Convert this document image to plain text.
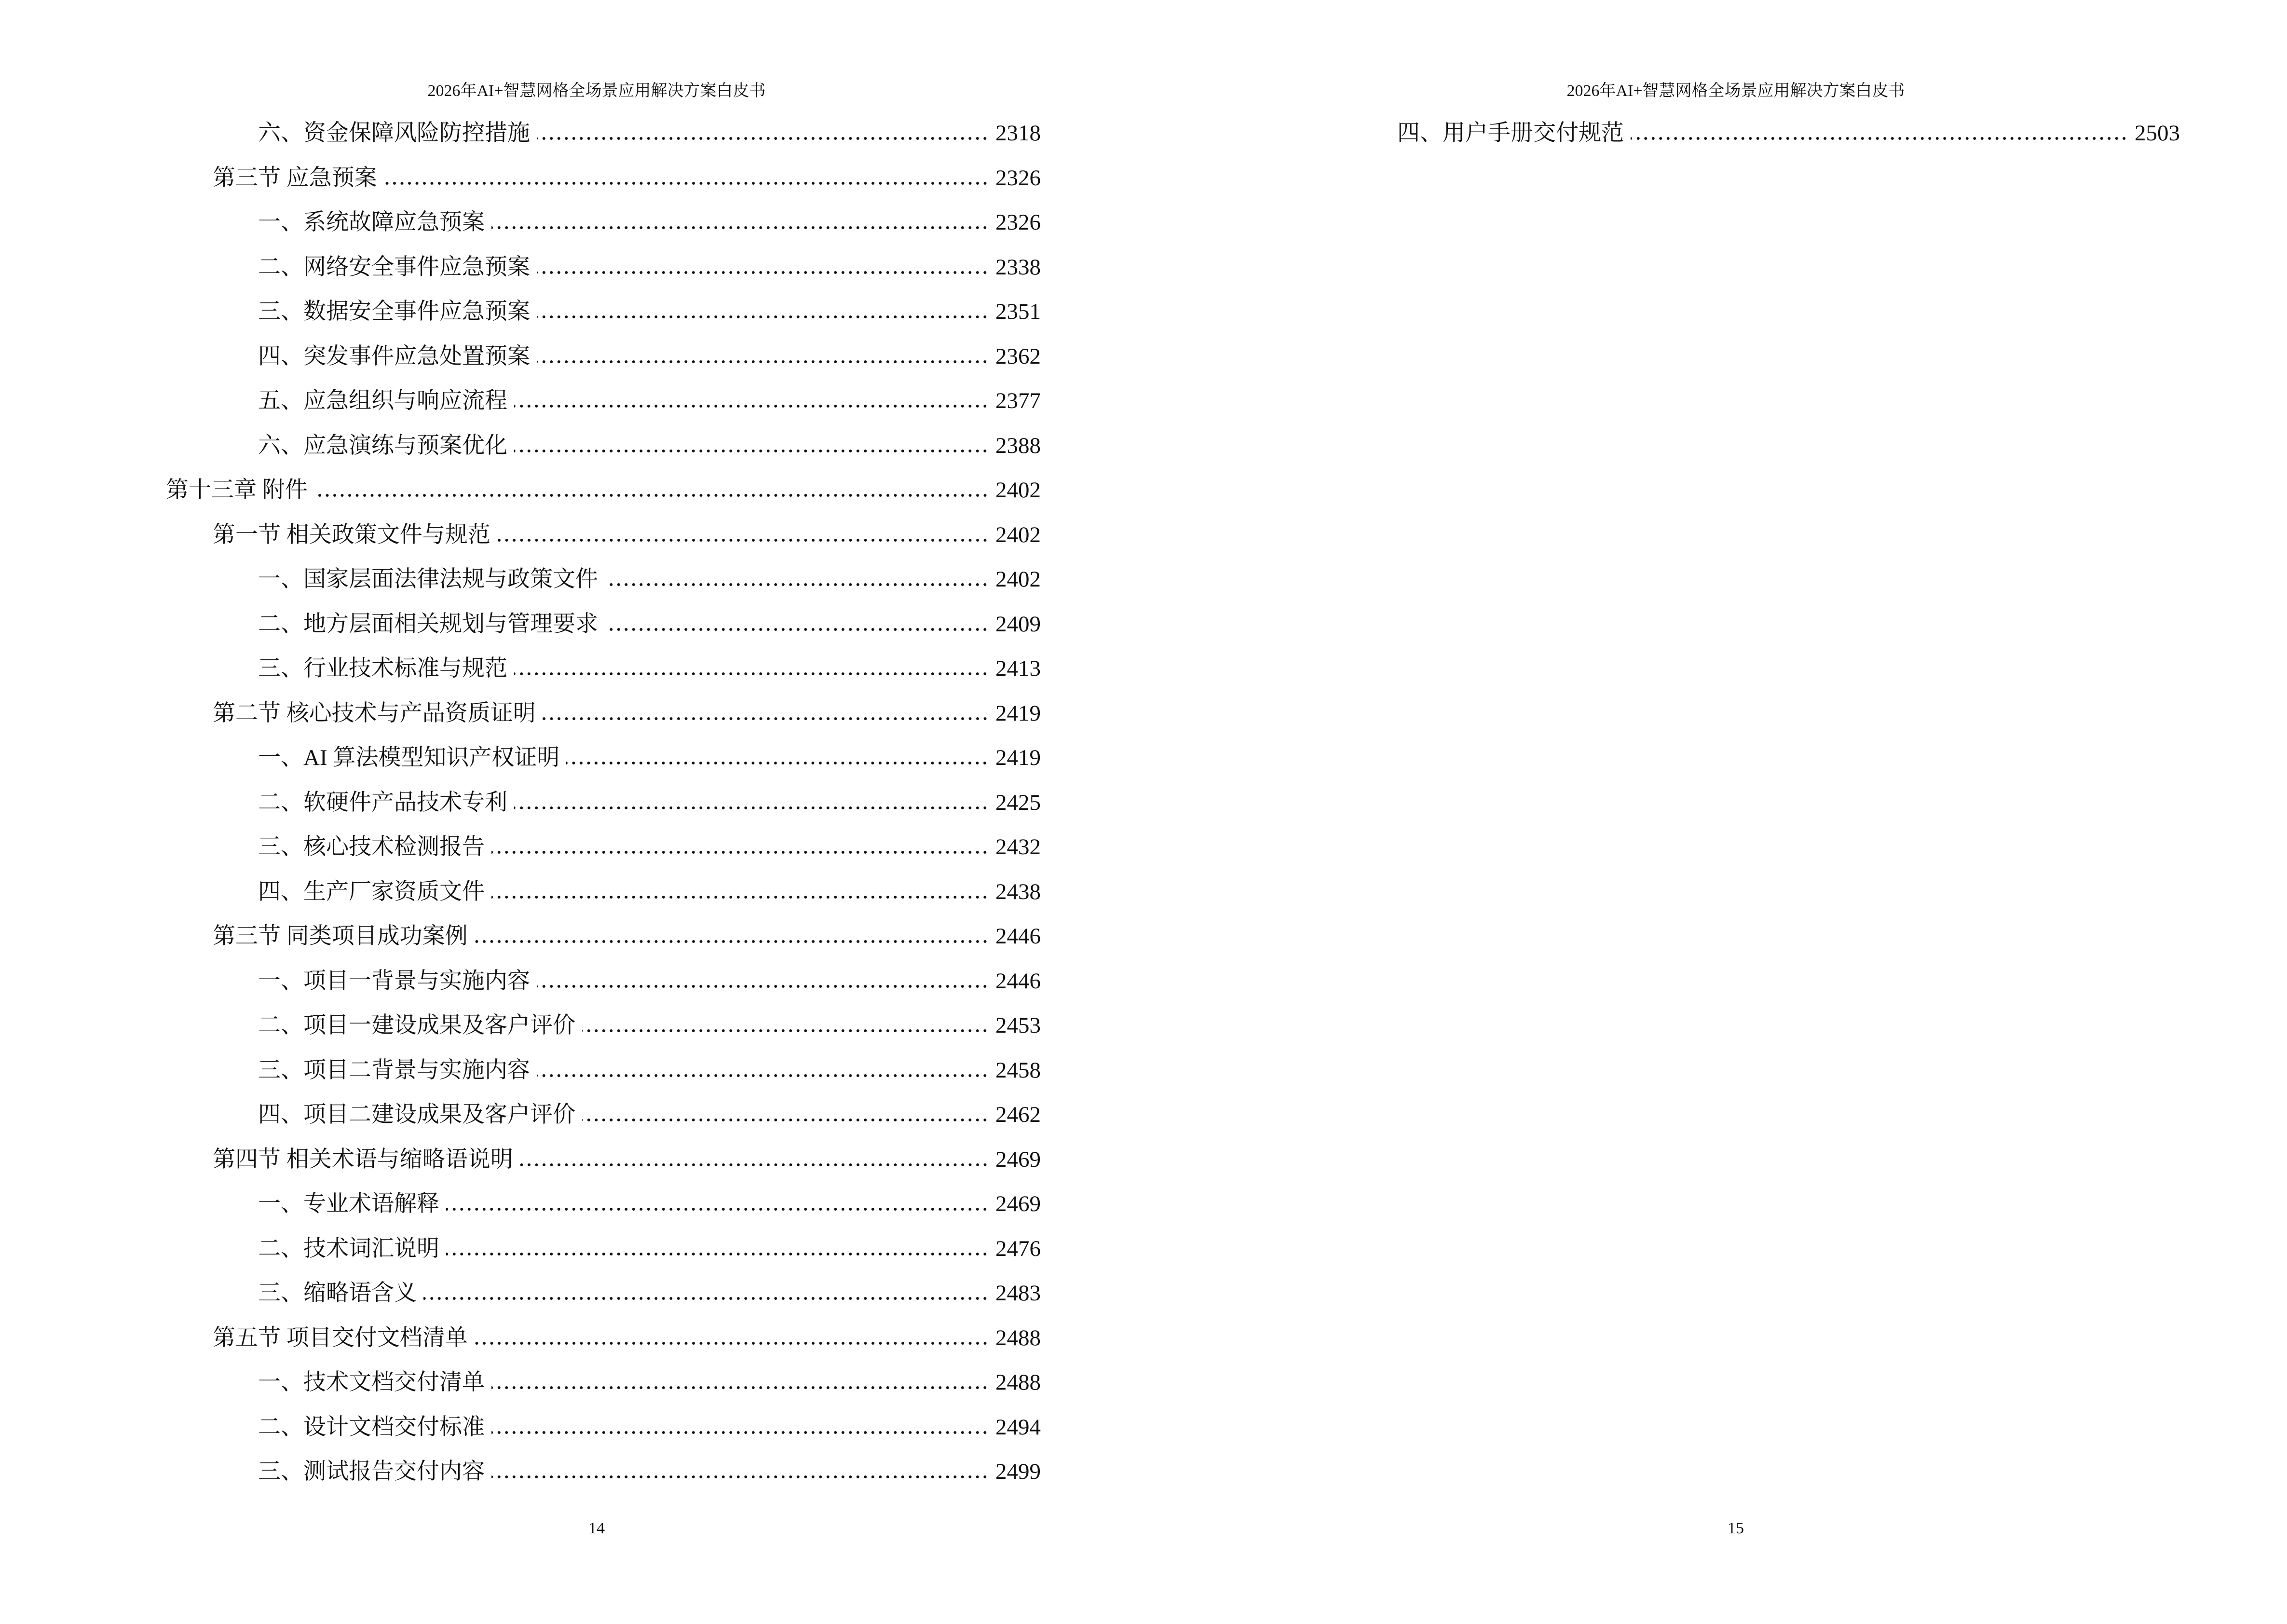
2026年AI+智慧网格全场景应用解决方案白皮书
六、资金保障风险防控措施	2318
第三节 应急预案	2326
一、系统故障应急预案	2326
二、网络安全事件应急预案	2338
三、数据安全事件应急预案	2351
四、突发事件应急处置预案	2362
五、应急组织与响应流程	2377
六、应急演练与预案优化	2388
第十三章 附件	2402
第一节 相关政策文件与规范	2402
一、国家层面法律法规与政策文件	2402
二、地方层面相关规划与管理要求	2409
三、行业技术标准与规范	2413
第二节 核心技术与产品资质证明	2419
一、AI 算法模型知识产权证明	2419
二、软硬件产品技术专利	2425
三、核心技术检测报告	2432
四、生产厂家资质文件	2438
第三节 同类项目成功案例	2446
一、项目一背景与实施内容	2446
二、项目一建设成果及客户评价	2453
三、项目二背景与实施内容	2458
四、项目二建设成果及客户评价	2462
第四节 相关术语与缩略语说明	2469
一、专业术语解释	2469
二、技术词汇说明	2476
三、缩略语含义	2483
第五节 项目交付文档清单	2488
一、技术文档交付清单	2488
二、设计文档交付标准	2494
三、测试报告交付内容	2499
14
2026年AI+智慧网格全场景应用解决方案白皮书
四、用户手册交付规范	2503
15
